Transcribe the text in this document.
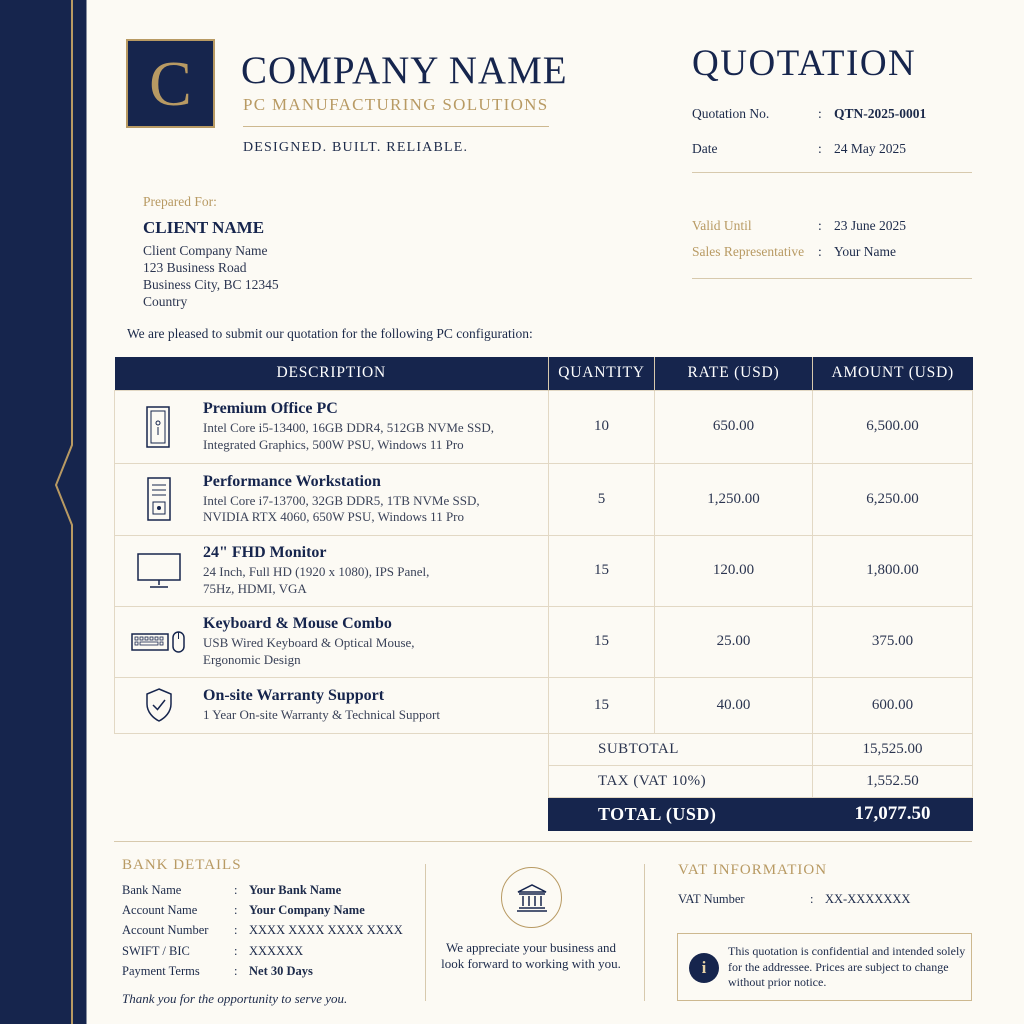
C COMPANY NAME
PC MANUFACTURING SOLUTIONS
DESIGNED. BUILT. RELIABLE.
QUOTATION
Quotation No.	: QTN-2025-0001
Date	: 24 May 2025
Valid Until	: 23 June 2025
Sales Representative : Your Name
Prepared For:
CLIENT NAME
Client Company Name
123 Business Road
Business City, BC 12345
Country
We are pleased to submit our quotation for the following PC configuration:
DESCRIPTION	QUANTITY	RATE (USD)	AMOUNT (USD)

Premium Office PC
Intel Core i5-13400, 16GB DDR4, 512GB NVMe SSD,
Integrated Graphics, 500W PSU, Windows 11 Pro	10	650.00	6,500.00

Performance Workstation
Intel Core i7-13700, 32GB DDR5, 1TB NVMe SSD,
NVIDIA RTX 4060, 650W PSU, Windows 11 Pro	5	1,250.00	6,250.00

24" FHD Monitor
24 Inch, Full HD (1920 x 1080), IPS Panel,
75Hz, HDMI, VGA	15	120.00	1,800.00

Keyboard & Mouse Combo
USB Wired Keyboard & Optical Mouse,
Ergonomic Design	15	25.00	375.00

On-site Warranty Support
1 Year On-site Warranty & Technical Support	15	40.00	600.00
SUBTOTAL	15,525.00
TAX (VAT 10%)	1,552.50
TOTAL (USD)	17,077.50
BANK DETAILS
Bank Name	: Your Bank Name
Account Name	: Your Company Name
Account Number : XXXX XXXX XXXX XXXX
SWIFT / BIC	: XXXXXX
Payment Terms	: Net 30 Days
Thank you for the opportunity to serve you.
We appreciate your business and look forward to working with you.
VAT INFORMATION
VAT Number	: XX-XXXXXXX
i
This quotation is confidential and intended solely for the addressee. Prices are subject to change without prior notice.
